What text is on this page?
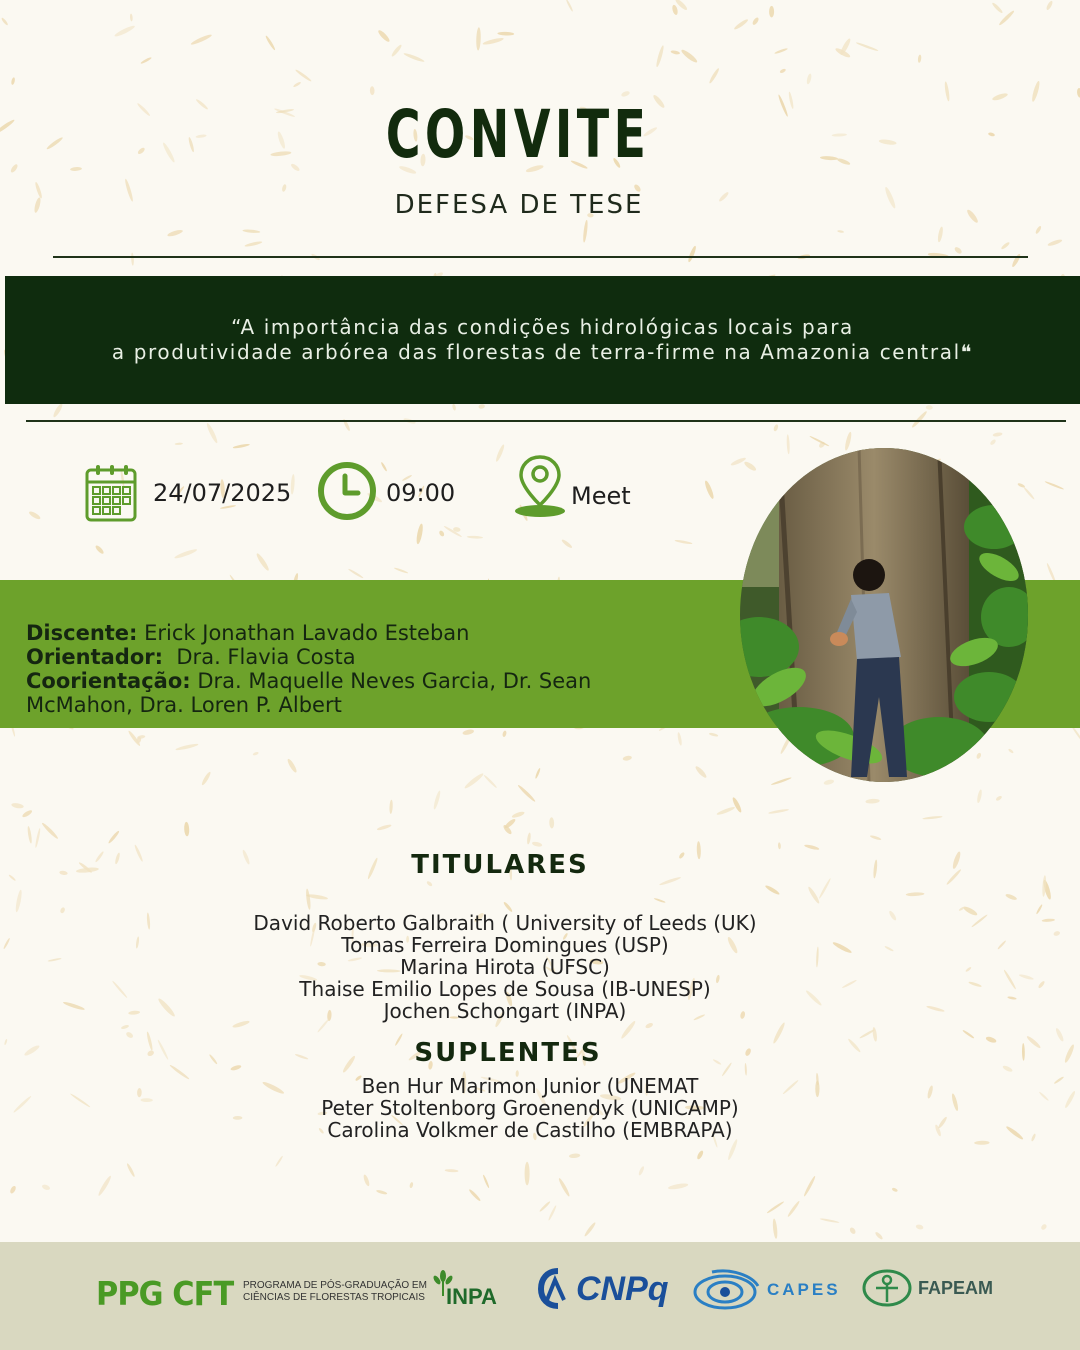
CONVITE
DEFESA DE TESE
“A importância das condições hidrológicas locais para
a produtividade arbórea das florestas de terra-firme na Amazonia central❝
24/07/2025	09:00	Meet
Discente: Erick Jonathan Lavado Esteban
Orientador: Dra. Flavia Costa
Coorientação: Dra. Maquelle Neves Garcia, Dr. Sean
McMahon, Dra. Loren P. Albert
TITULARES
David Roberto Galbraith ( University of Leeds (UK)
Tomas Ferreira Domingues (USP)
Marina Hirota (UFSC)
Thaise Emilio Lopes de Sousa (IB-UNESP)
Jochen Schongart (INPA)
SUPLENTES
Ben Hur Marimon Junior (UNEMAT
Peter Stoltenborg Groenendyk (UNICAMP)
Carolina Volkmer de Castilho (EMBRAPA)
PPG CFT PROGRAMA DE PÓS-GRADUAÇÃO EM
CIÊNCIAS DE FLORESTAS TROPICAIS INPA CNPq	CAPES	FAPEAM
